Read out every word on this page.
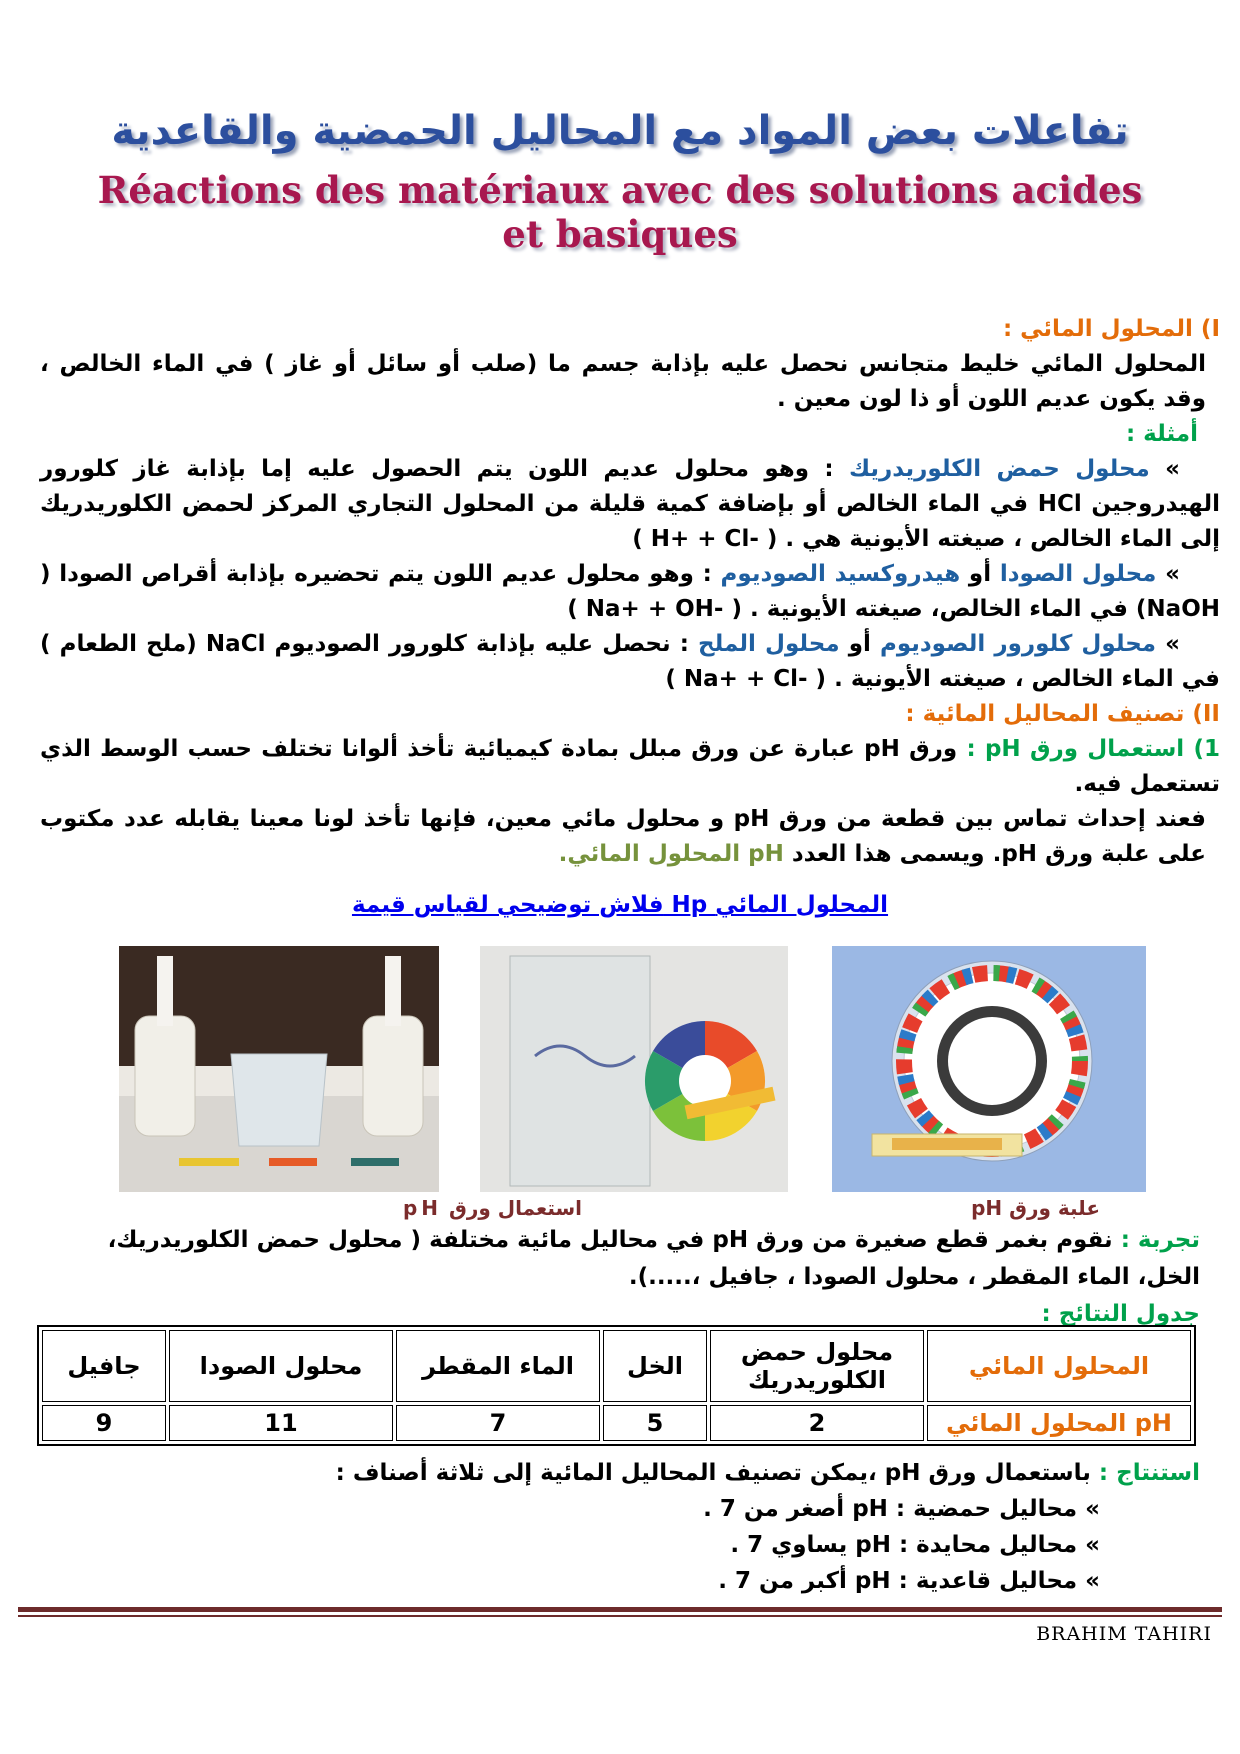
تفاعلات بعض المواد مع المحاليل الحمضية والقاعدية
Réactions des matériaux avec des solutions acides
et basiques

I) المحلول المائي :

المحلول المائي خليط متجانس نحصل عليه بإذابة جسم ما (صلب أو سائل أو غاز ) في الماء الخالص ، وقد يكون عديم اللون أو ذا لون معين .

أمثلة :

» محلول حمض الكلوريدريك : وهو محلول عديم اللون يتم الحصول عليه إما بإذابة غاز كلورور الهيدروجين HCl في الماء الخالص أو بإضافة كمية قليلة من المحلول التجاري المركز لحمض الكلوريدريك إلى الماء الخالص ، صيغته الأيونية هي ( H+ + Cl- ) .

» محلول الصودا أو هيدروكسيد الصوديوم : وهو محلول عديم اللون يتم تحضيره بإذابة أقراص الصودا ( NaOH) في الماء الخالص، صيغته الأيونية ( Na+ + OH- ) .

» محلول كلورور الصوديوم أو محلول الملح : نحصل عليه بإذابة كلورور الصوديوم NaCl (ملح الطعام ) في الماء الخالص ، صيغته الأيونية ( Na+ + Cl- ) .

II) تصنيف المحاليل المائية :

1) استعمال ورق pH : ورق pH عبارة عن ورق مبلل بمادة كيميائية تأخذ ألوانا تختلف حسب الوسط الذي تستعمل فيه.

فعند إحداث تماس بين قطعة من ورق pH و محلول مائي معين، فإنها تأخذ لونا معينا يقابله عدد مكتوب على علبة ورق pH. ويسمى هذا العدد pH المحلول المائي.

فلاش توضيحي لقياس قيمة Hp المحلول المائي
استعمال ورق pH	علبة ورق pH

تجربة : نقوم بغمر قطع صغيرة من ورق pH في محاليل مائية مختلفة ( محلول حمض الكلوريدريك، الخل، الماء المقطر ، محلول الصودا ، جافيل ،.....).

جدول النتائج :

المحلول المائي	محلول حمض الكلوريدريك	الخل	الماء المقطر	محلول الصودا	جافيل
pH المحلول المائي	2	5	7	11	9

استنتاج : باستعمال ورق pH ،يمكن تصنيف المحاليل المائية إلى ثلاثة أصناف :

» محاليل حمضية : pH أصغر من 7 .

» محاليل محايدة : pH يساوي 7 .

» محاليل قاعدية : pH أكبر من 7 .

BRAHIM TAHIRI
